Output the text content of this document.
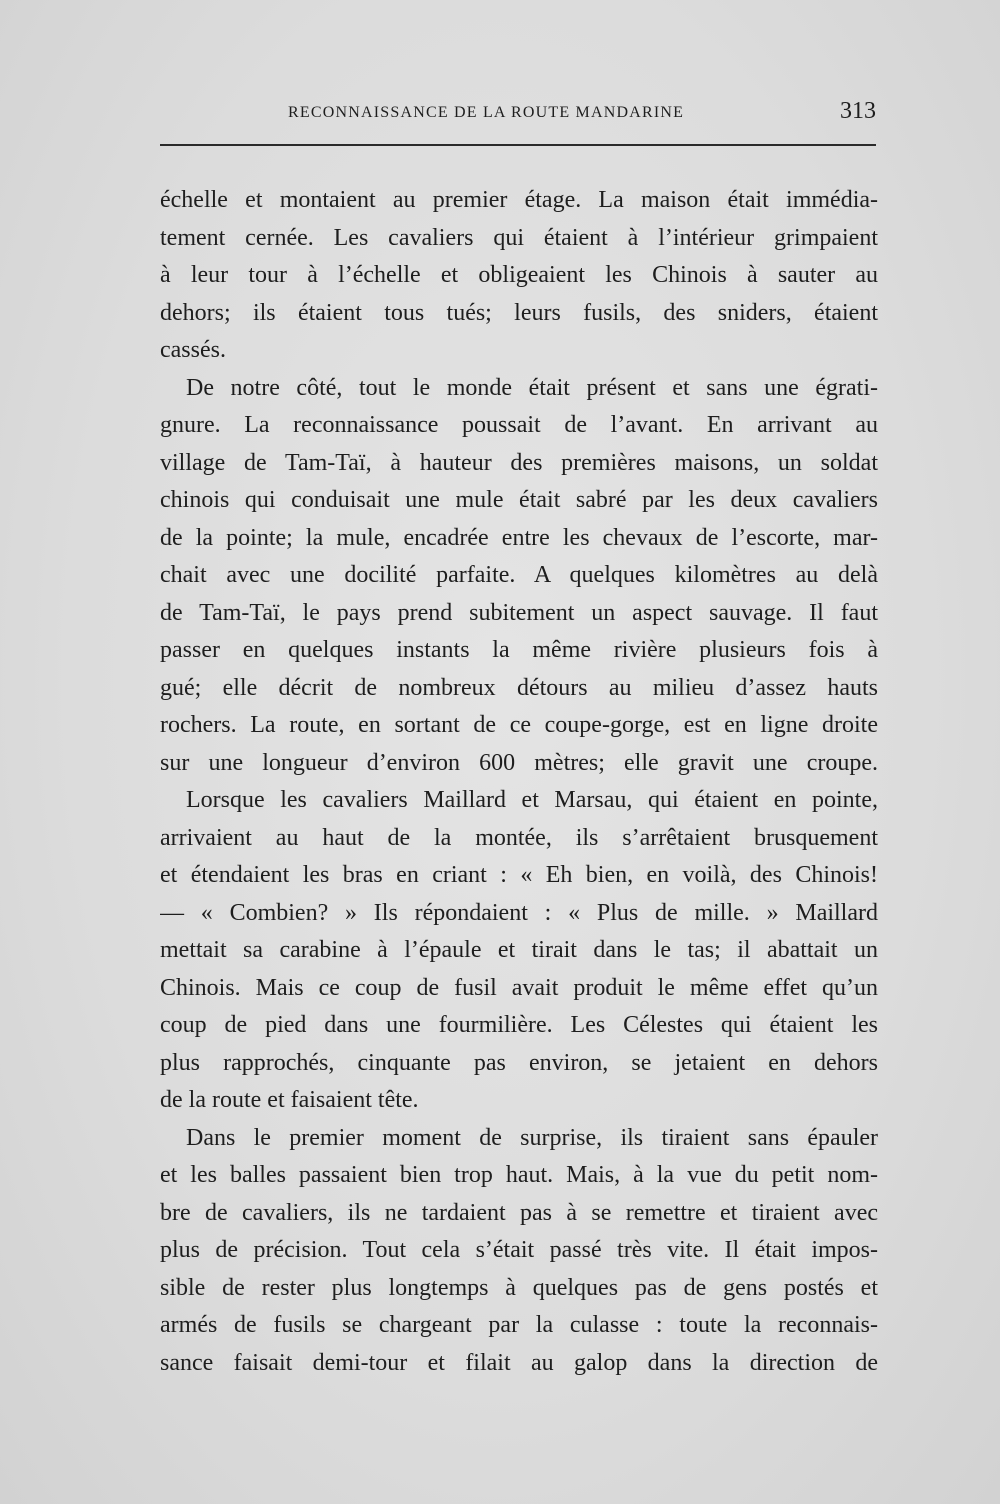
RECONNAISSANCE DE LA ROUTE MANDARINE	313
échelle et montaient au premier étage. La maison était immédia-
tement cernée. Les cavaliers qui étaient à l’intérieur grimpaient
à leur tour à l’échelle et obligeaient les Chinois à sauter au
dehors; ils étaient tous tués; leurs fusils, des sniders, étaient
cassés.
De notre côté, tout le monde était présent et sans une égrati-
gnure. La reconnaissance poussait de l’avant. En arrivant au
village de Tam-Taï, à hauteur des premières maisons, un soldat
chinois qui conduisait une mule était sabré par les deux cavaliers
de la pointe; la mule, encadrée entre les chevaux de l’escorte, mar-
chait avec une docilité parfaite. A quelques kilomètres au delà
de Tam-Taï, le pays prend subitement un aspect sauvage. Il faut
passer en quelques instants la même rivière plusieurs fois à
gué; elle décrit de nombreux détours au milieu d’assez hauts
rochers. La route, en sortant de ce coupe-gorge, est en ligne droite
sur une longueur d’environ 600 mètres; elle gravit une croupe.
Lorsque les cavaliers Maillard et Marsau, qui étaient en pointe,
arrivaient au haut de la montée, ils s’arrêtaient brusquement
et étendaient les bras en criant : « Eh bien, en voilà, des Chinois!
— « Combien? » Ils répondaient : « Plus de mille. » Maillard
mettait sa carabine à l’épaule et tirait dans le tas; il abattait un
Chinois. Mais ce coup de fusil avait produit le même effet qu’un
coup de pied dans une fourmilière. Les Célestes qui étaient les
plus rapprochés, cinquante pas environ, se jetaient en dehors
de la route et faisaient tête.
Dans le premier moment de surprise, ils tiraient sans épauler
et les balles passaient bien trop haut. Mais, à la vue du petit nom-
bre de cavaliers, ils ne tardaient pas à se remettre et tiraient avec
plus de précision. Tout cela s’était passé très vite. Il était impos-
sible de rester plus longtemps à quelques pas de gens postés et
armés de fusils se chargeant par la culasse : toute la reconnais-
sance faisait demi-tour et filait au galop dans la direction de
